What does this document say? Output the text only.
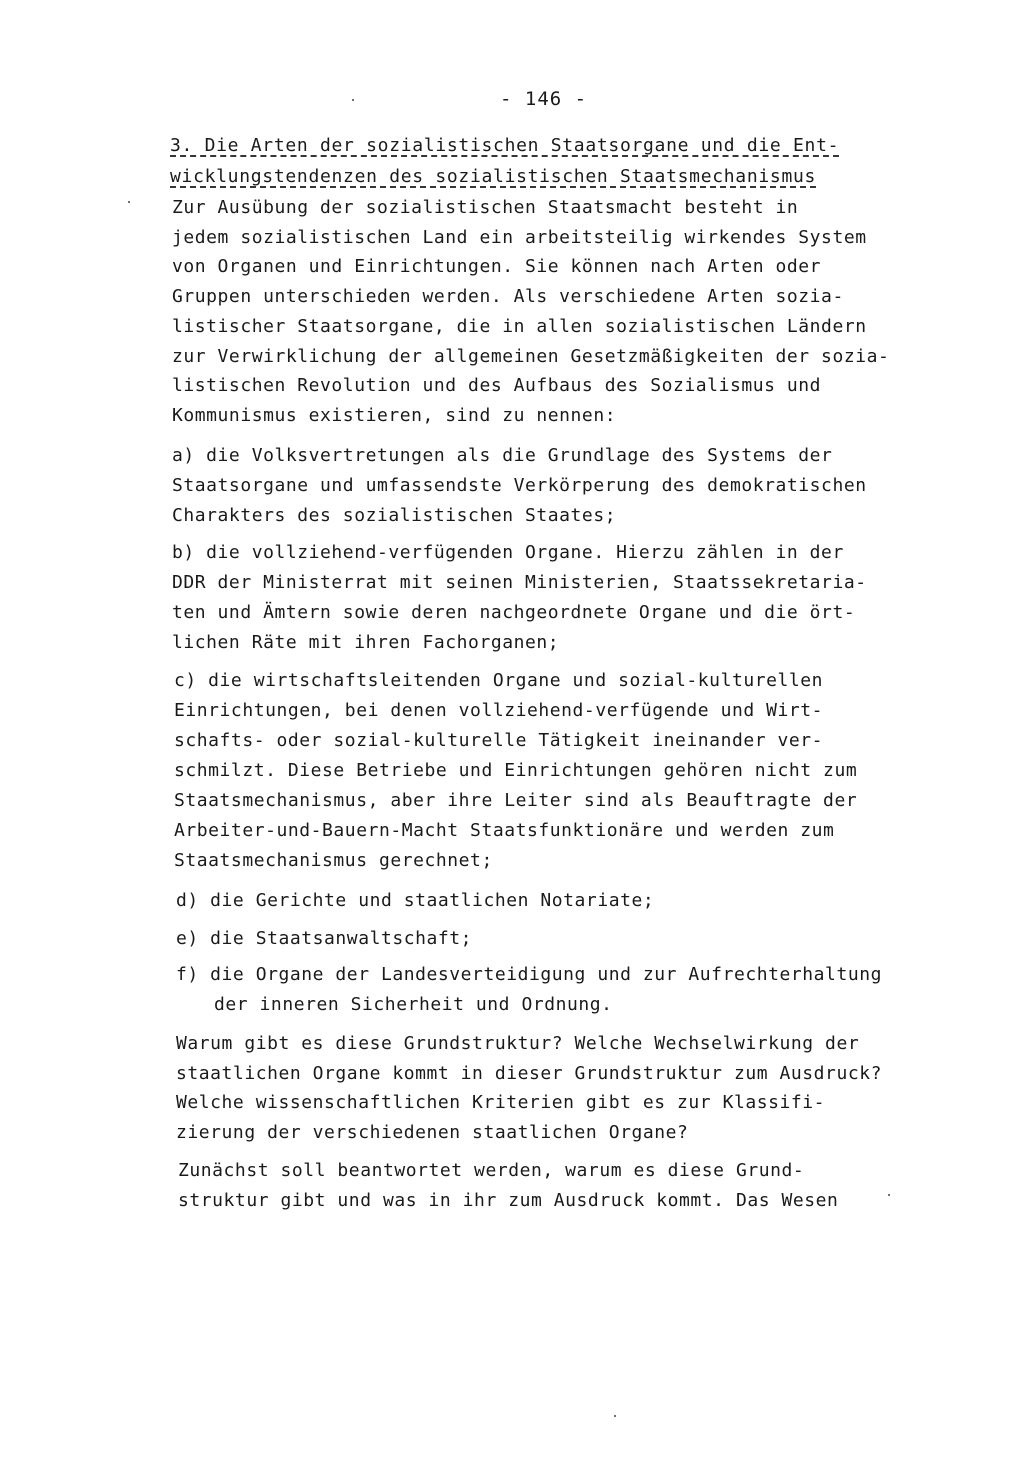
- 146 -
3. Die Arten der sozialistischen Staatsorgane und die Ent-
wicklungstendenzen des sozialistischen Staatsmechanismus
Zur Ausübung der sozialistischen Staatsmacht besteht in
jedem sozialistischen Land ein arbeitsteilig wirkendes System
von Organen und Einrichtungen. Sie können nach Arten oder
Gruppen unterschieden werden. Als verschiedene Arten sozia-
listischer Staatsorgane, die in allen sozialistischen Ländern
zur Verwirklichung der allgemeinen Gesetzmäßigkeiten der sozia-
listischen Revolution und des Aufbaus des Sozialismus und
Kommunismus existieren, sind zu nennen:
a) die Volksvertretungen als die Grundlage des Systems der
Staatsorgane und umfassendste Verkörperung des demokratischen
Charakters des sozialistischen Staates;
b) die vollziehend-verfügenden Organe. Hierzu zählen in der
DDR der Ministerrat mit seinen Ministerien, Staatssekretaria-
ten und Ämtern sowie deren nachgeordnete Organe und die ört-
lichen Räte mit ihren Fachorganen;
c) die wirtschaftsleitenden Organe und sozial-kulturellen
Einrichtungen, bei denen vollziehend-verfügende und Wirt-
schafts- oder sozial-kulturelle Tätigkeit ineinander ver-
schmilzt. Diese Betriebe und Einrichtungen gehören nicht zum
Staatsmechanismus, aber ihre Leiter sind als Beauftragte der
Arbeiter-und-Bauern-Macht Staatsfunktionäre und werden zum
Staatsmechanismus gerechnet;
d) die Gerichte und staatlichen Notariate;
e) die Staatsanwaltschaft;
f) die Organe der Landesverteidigung und zur Aufrechterhaltung
der inneren Sicherheit und Ordnung.
Warum gibt es diese Grundstruktur? Welche Wechselwirkung der
staatlichen Organe kommt in dieser Grundstruktur zum Ausdruck?
Welche wissenschaftlichen Kriterien gibt es zur Klassifi-
zierung der verschiedenen staatlichen Organe?
Zunächst soll beantwortet werden, warum es diese Grund-
struktur gibt und was in ihr zum Ausdruck kommt. Das Wesen
